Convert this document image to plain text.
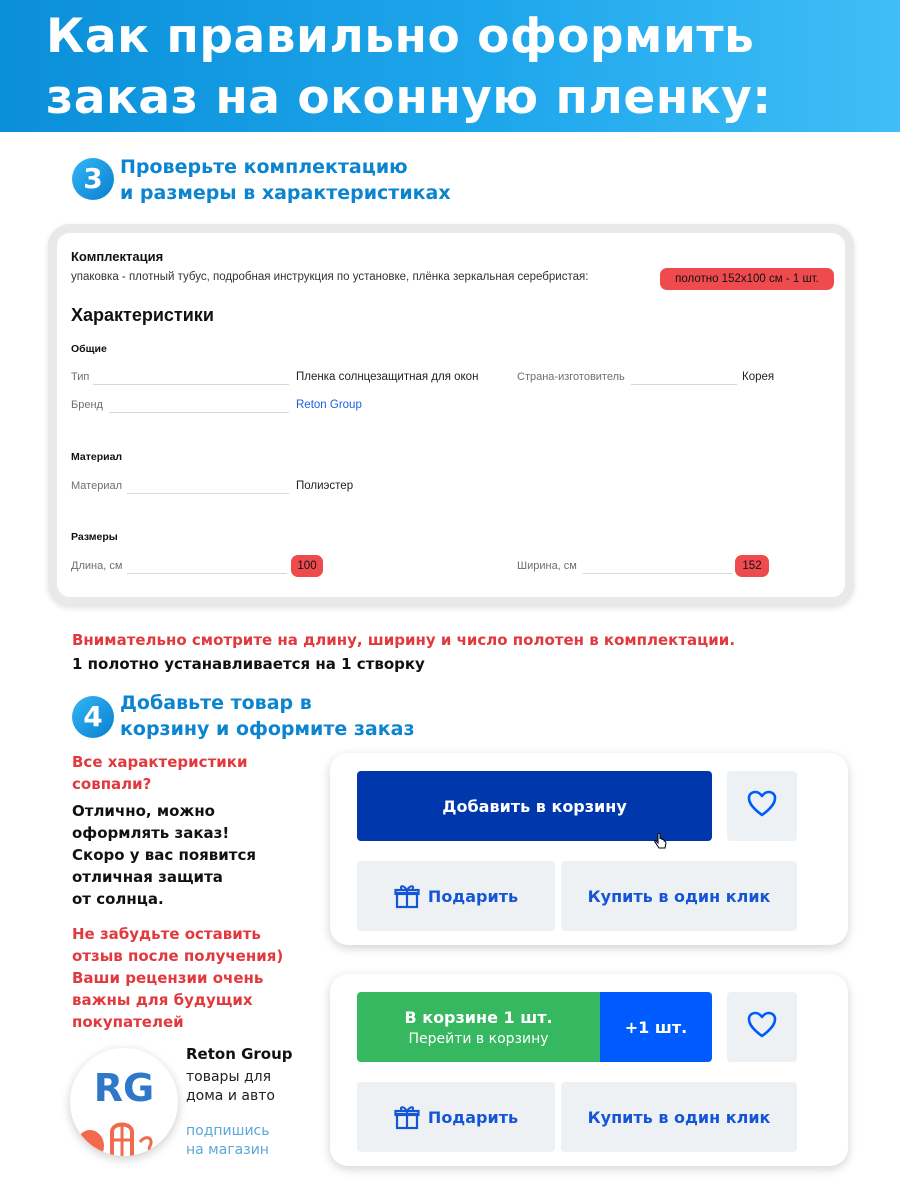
Как правильно оформить
заказ на оконную пленку:
3 Проверьте комплектацию
и размеры в характеристиках
Комплектация
упаковка - плотный тубус, подробная инструкция по установке, плёнка зеркальная серебристая:	полотно 152х100 см - 1 шт.
Характеристики
Общие
Тип	Пленка солнцезащитная для окон	Страна-изготовитель	Корея
Бренд	Reton Group
Материал
Материал	Полиэстер
Размеры
Длина, см	100	Ширина, см	152
Внимательно смотрите на длину, ширину и число полотен в комплектации.
1 полотно устанавливается на 1 створку
4 Добавьте товар в
корзину и оформите заказ
Все характеристики
совпали?
Отлично, можно
оформлять заказ!
Скоро у вас появится
отличная защита
от солнца.
Не забудьте оставить
отзыв после получения)
Ваши рецензии очень
важны для будущих
покупателей
Добавить в корзину
Подарить	Купить в один клик
В корзине 1 шт.
Перейти в корзину
+1 шт.
Подарить	Купить в один клик
RG
Reton Group
товары для
дома и авто
подпишись
на магазин
